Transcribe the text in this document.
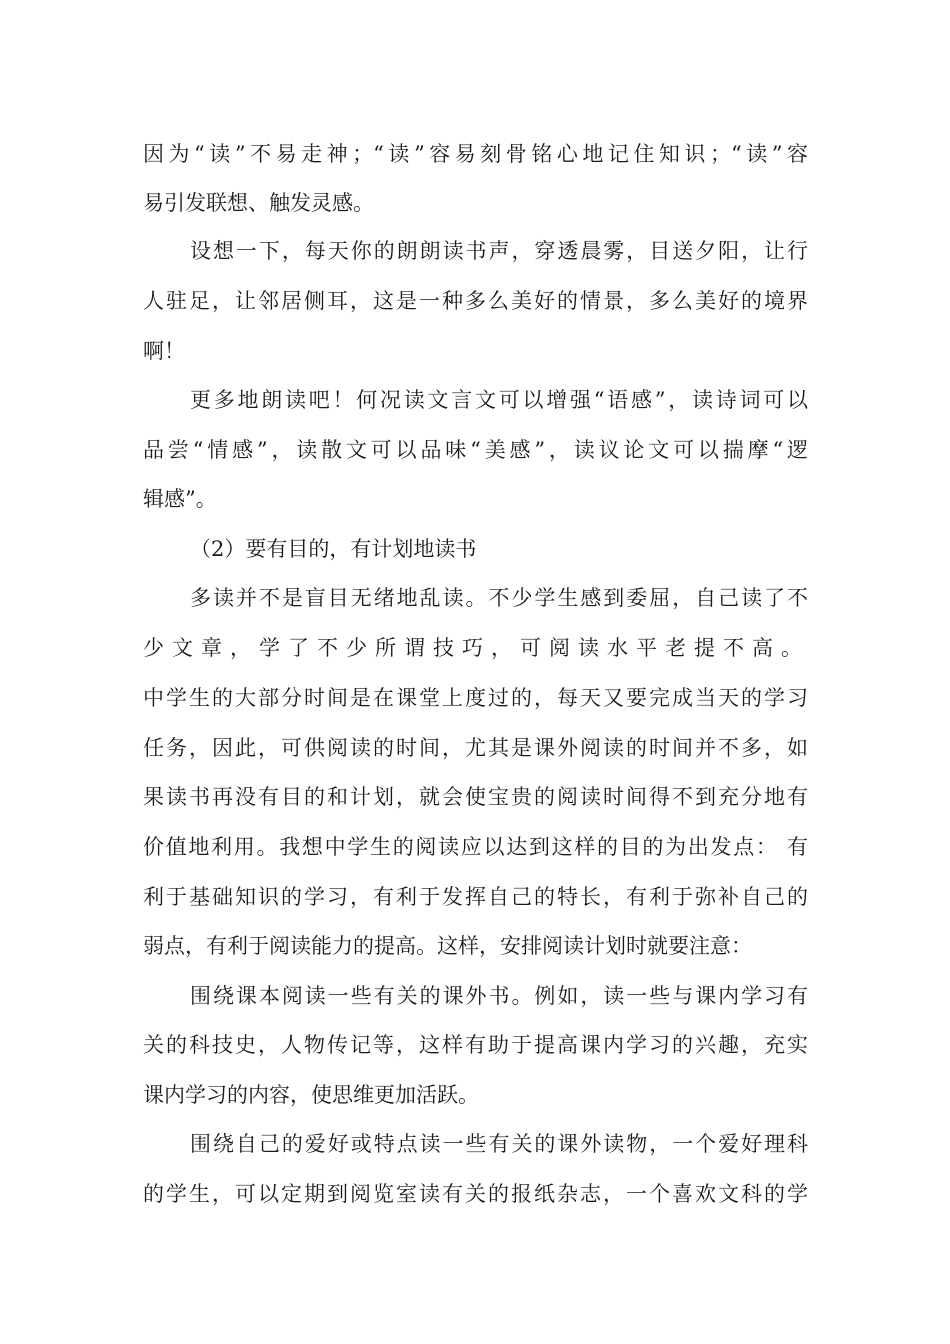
因为“读”不易走神；“读”容易刻骨铭心地记住知识；“读”容
易引发联想、触发灵感。
设想一下，每天你的朗朗读书声，穿透晨雾，目送夕阳，让行
人驻足，让邻居侧耳，这是一种多么美好的情景，多么美好的境界
啊！
更多地朗读吧！何况读文言文可以增强“语感”，读诗词可以
品尝“情感”，读散文可以品味“美感”，读议论文可以揣摩“逻
辑感”。
（2）要有目的，有计划地读书
多读并不是盲目无绪地乱读。不少学生感到委屈，自己读了不
少文章，学了不少所谓技巧，可阅读水平老提不高。
中学生的大部分时间是在课堂上度过的，每天又要完成当天的学习
任务，因此，可供阅读的时间，尤其是课外阅读的时间并不多，如
果读书再没有目的和计划，就会使宝贵的阅读时间得不到充分地有
价值地利用。我想中学生的阅读应以达到这样的目的为出发点： 有
利于基础知识的学习，有利于发挥自己的特长，有利于弥补自己的
弱点，有利于阅读能力的提高。这样，安排阅读计划时就要注意：
围绕课本阅读一些有关的课外书。例如，读一些与课内学习有
关的科技史，人物传记等，这样有助于提高课内学习的兴趣，充实
课内学习的内容，使思维更加活跃。
围绕自己的爱好或特点读一些有关的课外读物，一个爱好理科
的学生，可以定期到阅览室读有关的报纸杂志，一个喜欢文科的学
